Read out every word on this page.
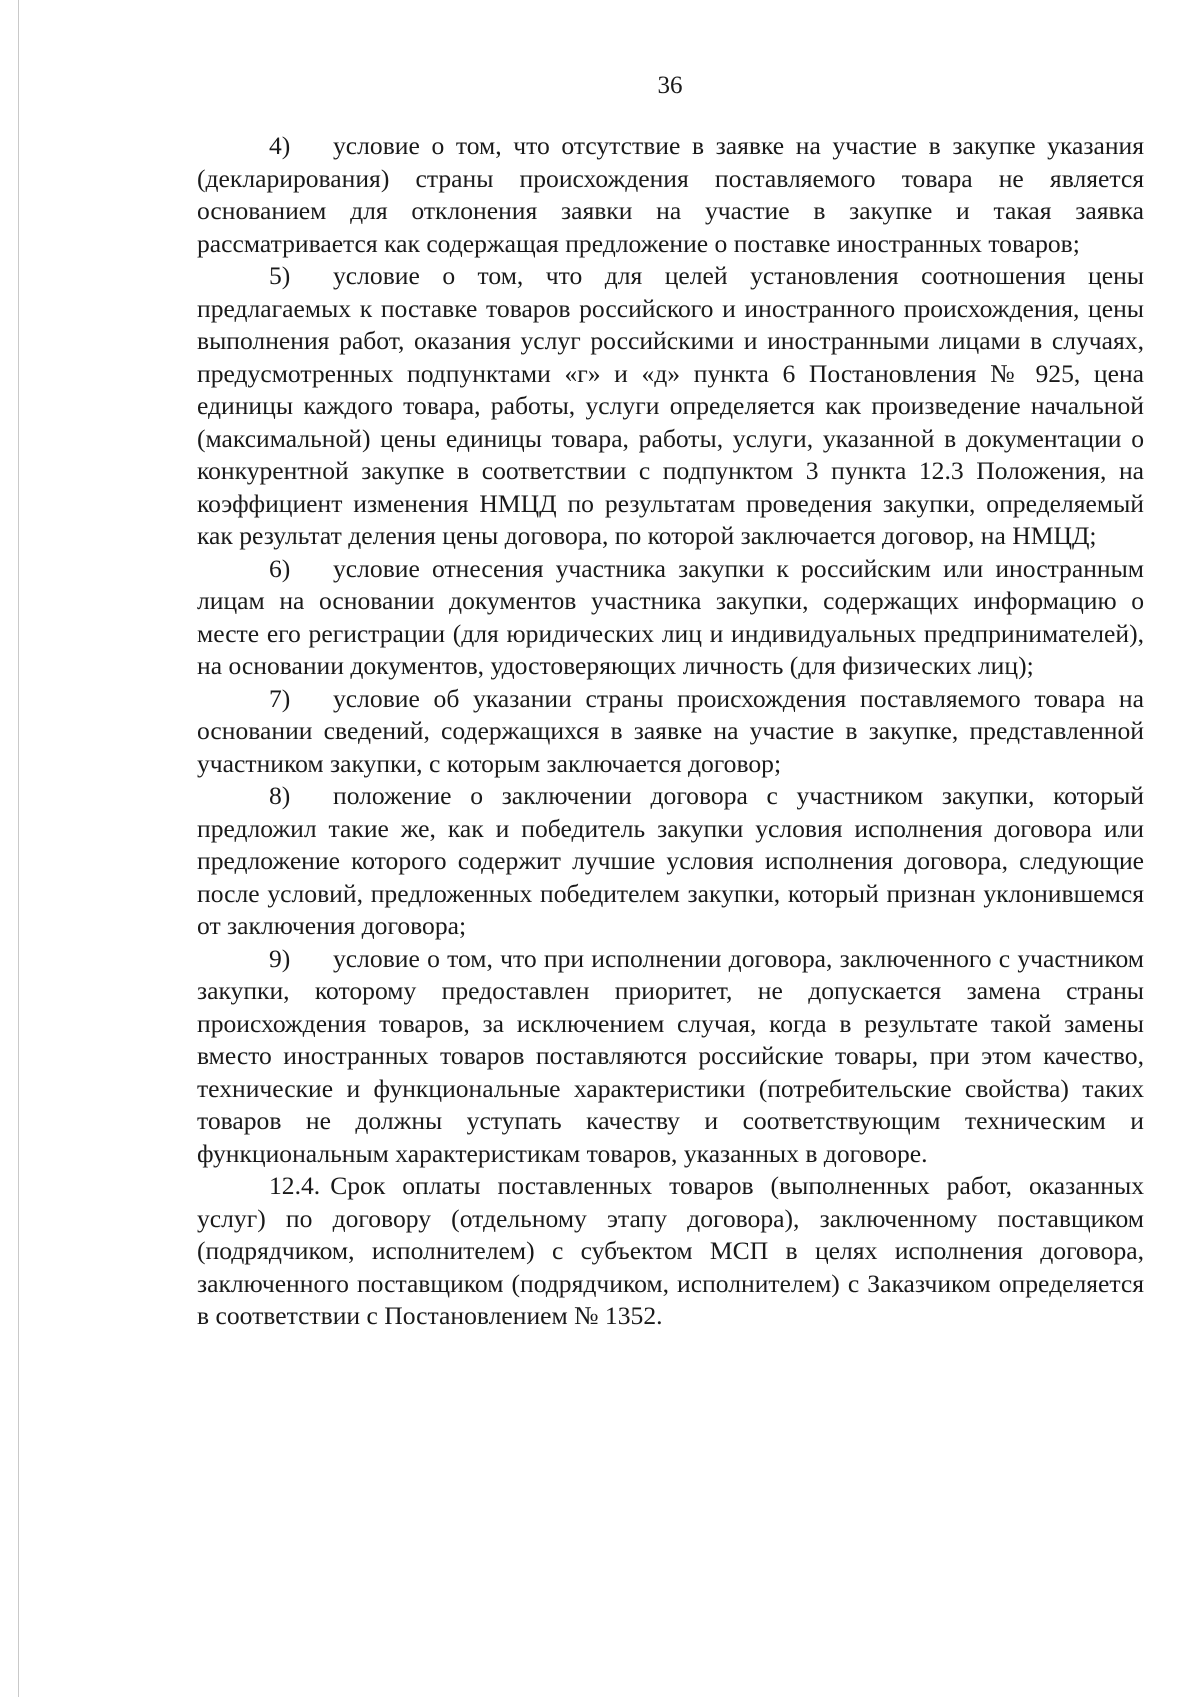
36

4) условие о том, что отсутствие в заявке на участие в закупке указания (декларирования) страны происхождения поставляемого товара не является основанием для отклонения заявки на участие в закупке и такая заявка рассматривается как содержащая предложение о поставке иностранных товаров;

5) условие о том, что для целей установления соотношения цены предлагаемых к поставке товаров российского и иностранного происхождения, цены выполнения работ, оказания услуг российскими и иностранными лицами в случаях, предусмотренных подпунктами «г» и «д» пункта 6 Постановления № 925, цена единицы каждого товара, работы, услуги определяется как произведение начальной (максимальной) цены единицы товара, работы, услуги, указанной в документации о конкурентной закупке в соответствии с подпунктом 3 пункта 12.3 Положения, на коэффициент изменения НМЦД по результатам проведения закупки, определяемый как результат деления цены договора, по которой заключается договор, на НМЦД;

6) условие отнесения участника закупки к российским или иностранным лицам на основании документов участника закупки, содержащих информацию о месте его регистрации (для юридических лиц и индивидуальных предпринимателей), на основании документов, удостоверяющих личность (для физических лиц);

7) условие об указании страны происхождения поставляемого товара на основании сведений, содержащихся в заявке на участие в закупке, представленной участником закупки, с которым заключается договор;

8) положение о заключении договора с участником закупки, который предложил такие же, как и победитель закупки условия исполнения договора или предложение которого содержит лучшие условия исполнения договора, следующие после условий, предложенных победителем закупки, который признан уклонившемся от заключения договора;

9) условие о том, что при исполнении договора, заключенного с участником закупки, которому предоставлен приоритет, не допускается замена страны происхождения товаров, за исключением случая, когда в результате такой замены вместо иностранных товаров поставляются российские товары, при этом качество, технические и функциональные характеристики (потребительские свойства) таких товаров не должны уступать качеству и соответствующим техническим и функциональным характеристикам товаров, указанных в договоре.

12.4. Срок оплаты поставленных товаров (выполненных работ, оказанных услуг) по договору (отдельному этапу договора), заключенному поставщиком (подрядчиком, исполнителем) с субъектом МСП в целях исполнения договора, заключенного поставщиком (подрядчиком, исполнителем) с Заказчиком определяется в соответствии с Постановлением № 1352.
